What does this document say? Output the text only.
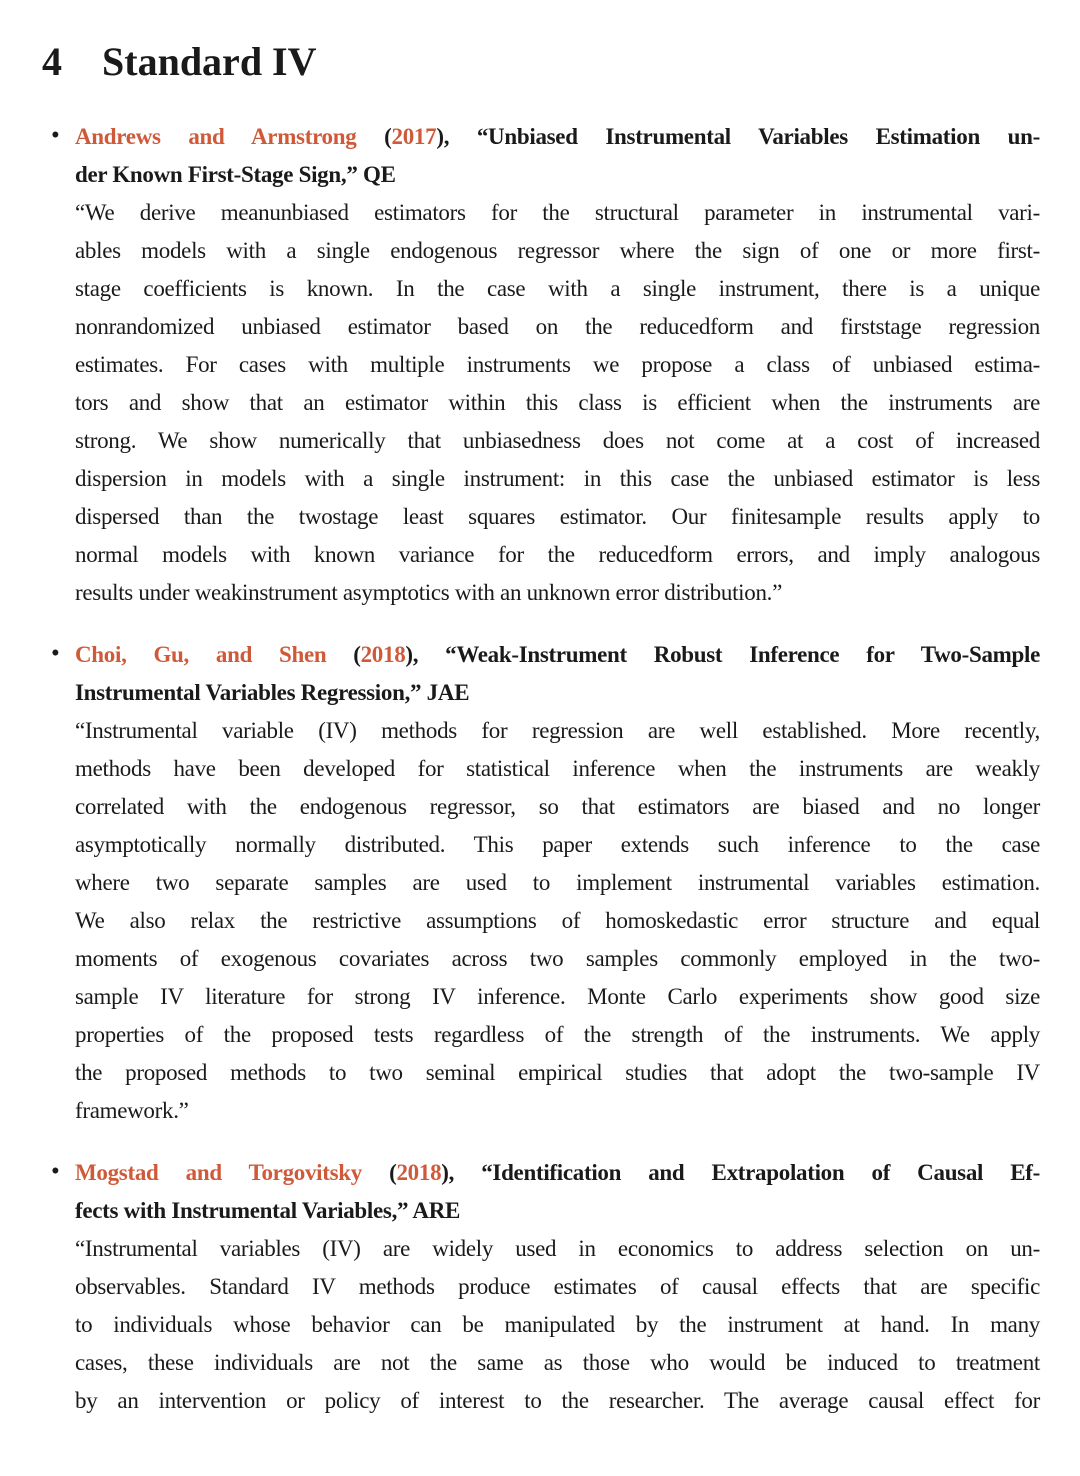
4 Standard IV
• Andrews and Armstrong (2017), “Unbiased Instrumental Variables Estimation un-
der Known First-Stage Sign,” QE
“We derive meanunbiased estimators for the structural parameter in instrumental vari-
ables models with a single endogenous regressor where the sign of one or more first-
stage coefficients is known. In the case with a single instrument, there is a unique
nonrandomized unbiased estimator based on the reducedform and firststage regression
estimates. For cases with multiple instruments we propose a class of unbiased estima-
tors and show that an estimator within this class is efficient when the instruments are
strong. We show numerically that unbiasedness does not come at a cost of increased
dispersion in models with a single instrument: in this case the unbiased estimator is less
dispersed than the twostage least squares estimator. Our finitesample results apply to
normal models with known variance for the reducedform errors, and imply analogous
results under weakinstrument asymptotics with an unknown error distribution.”
• Choi, Gu, and Shen (2018), “Weak-Instrument Robust Inference for Two-Sample
Instrumental Variables Regression,” JAE
“Instrumental variable (IV) methods for regression are well established. More recently,
methods have been developed for statistical inference when the instruments are weakly
correlated with the endogenous regressor, so that estimators are biased and no longer
asymptotically normally distributed. This paper extends such inference to the case
where two separate samples are used to implement instrumental variables estimation.
We also relax the restrictive assumptions of homoskedastic error structure and equal
moments of exogenous covariates across two samples commonly employed in the two-
sample IV literature for strong IV inference. Monte Carlo experiments show good size
properties of the proposed tests regardless of the strength of the instruments. We apply
the proposed methods to two seminal empirical studies that adopt the two-sample IV
framework.”
• Mogstad and Torgovitsky (2018), “Identification and Extrapolation of Causal Ef-
fects with Instrumental Variables,” ARE
“Instrumental variables (IV) are widely used in economics to address selection on un-
observables. Standard IV methods produce estimates of causal effects that are specific
to individuals whose behavior can be manipulated by the instrument at hand. In many
cases, these individuals are not the same as those who would be induced to treatment
by an intervention or policy of interest to the researcher. The average causal effect for
